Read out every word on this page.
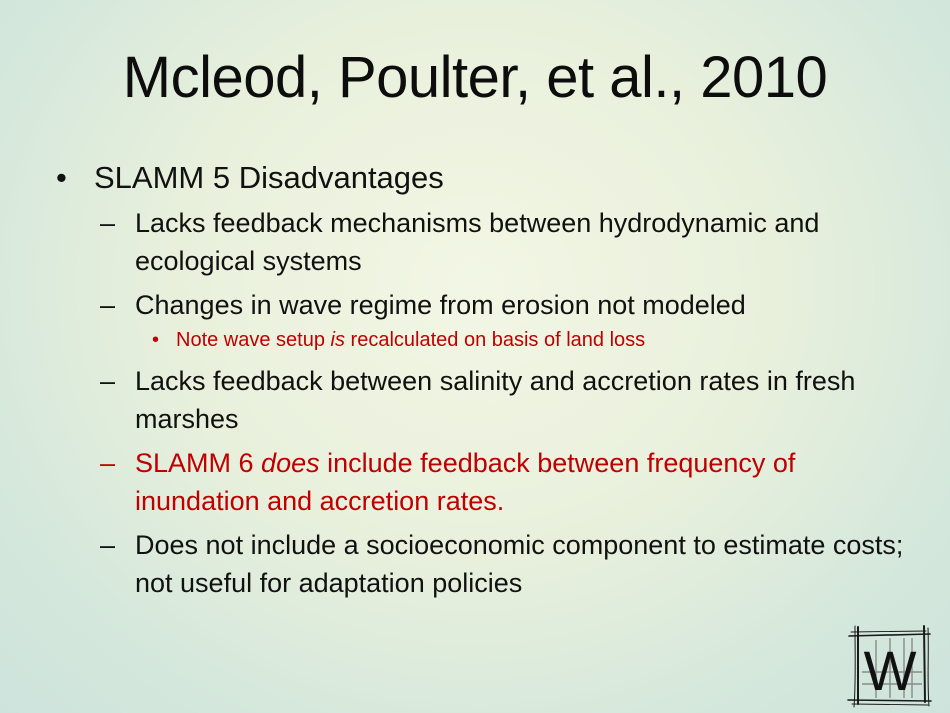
Mcleod, Poulter, et al., 2010
• SLAMM 5 Disadvantages
– Lacks feedback mechanisms between hydrodynamic and ecological systems
– Changes in wave regime from erosion not modeled
• Note wave setup is recalculated on basis of land loss
– Lacks feedback between salinity and accretion rates in fresh marshes
– SLAMM 6 does include feedback between frequency of inundation and accretion rates.
– Does not include a socioeconomic component to estimate costs; not useful for adaptation policies
W
